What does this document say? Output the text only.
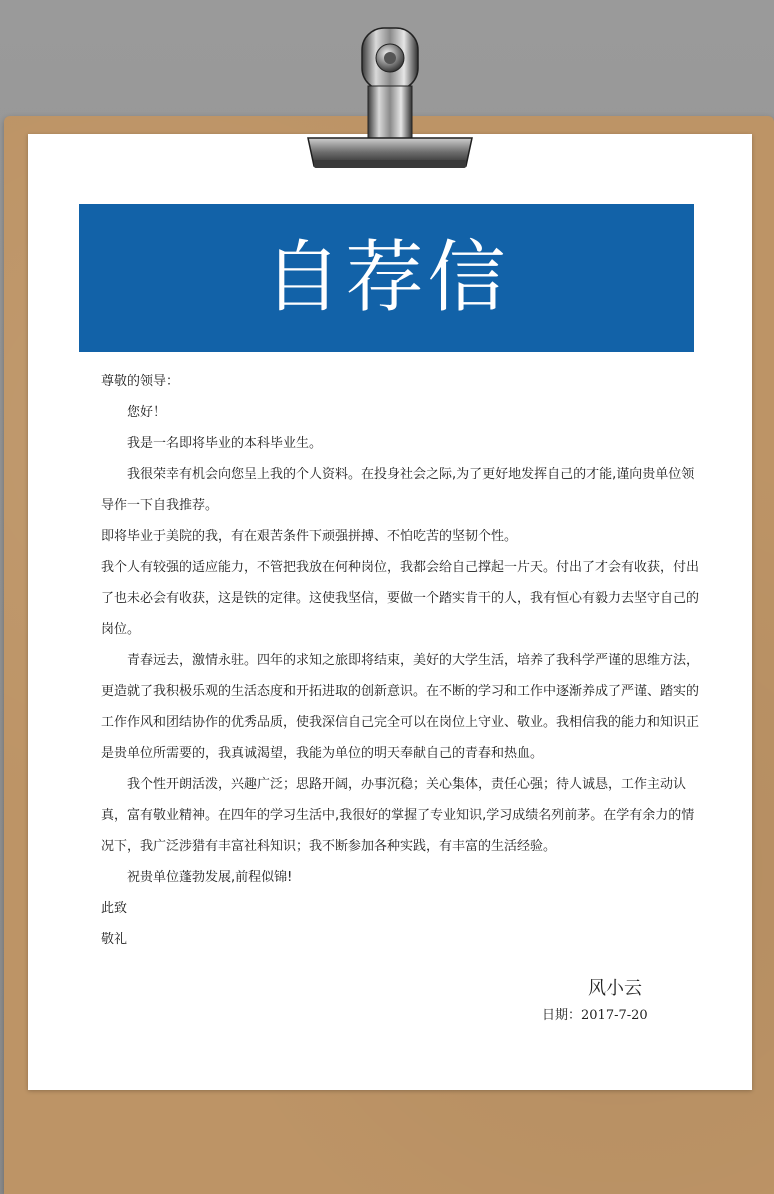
自荐信

尊敬的领导：

您好！

我是一名即将毕业的本科毕业生。

我很荣幸有机会向您呈上我的个人资料。在投身社会之际,为了更好地发挥自己的才能,谨向贵单位领导作一下自我推荐。

即将毕业于美院的我，有在艰苦条件下顽强拼搏、不怕吃苦的坚韧个性。

我个人有较强的适应能力，不管把我放在何种岗位，我都会给自己撑起一片天。付出了才会有收获，付出了也未必会有收获，这是铁的定律。这使我坚信，要做一个踏实肯干的人，我有恒心有毅力去坚守自己的岗位。

青春远去，激情永驻。四年的求知之旅即将结束，美好的大学生活，培养了我科学严谨的思维方法，更造就了我积极乐观的生活态度和开拓进取的创新意识。在不断的学习和工作中逐渐养成了严谨、踏实的工作作风和团结协作的优秀品质，使我深信自己完全可以在岗位上守业、敬业。我相信我的能力和知识正是贵单位所需要的，我真诚渴望，我能为单位的明天奉献自己的青春和热血。

我个性开朗活泼，兴趣广泛；思路开阔，办事沉稳；关心集体，责任心强；待人诚恳，工作主动认真，富有敬业精神。在四年的学习生活中,我很好的掌握了专业知识,学习成绩名列前茅。在学有余力的情况下，我广泛涉猎有丰富社科知识；我不断参加各种实践，有丰富的生活经验。

祝贵单位蓬勃发展,前程似锦!

此致

敬礼

风小云
日期：2017-7-20
